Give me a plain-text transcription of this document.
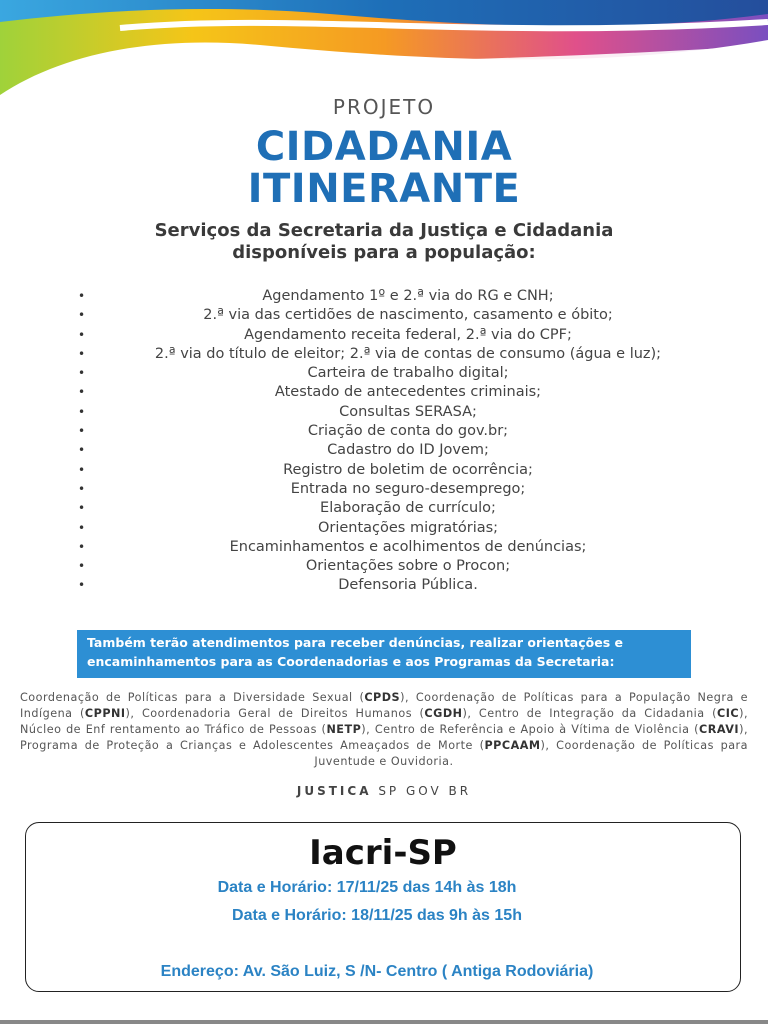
PROJETO
CIDADANIA
ITINERANTE
Serviços da Secretaria da Justiça e Cidadania
disponíveis para a população:
•	Agendamento 1º e 2.ª via do RG e CNH;
•	2.ª via das certidões de nascimento, casamento e óbito;
•	Agendamento receita federal, 2.ª via do CPF;
•	2.ª via do título de eleitor; 2.ª via de contas de consumo (água e luz);
•	Carteira de trabalho digital;
•	Atestado de antecedentes criminais;
•	Consultas SERASA;
•	Criação de conta do gov.br;
•	Cadastro do ID Jovem;
•	Registro de boletim de ocorrência;
•	Entrada no seguro-desemprego;
•	Elaboração de currículo;
•	Orientações migratórias;
•	Encaminhamentos e acolhimentos de denúncias;
•	Orientações sobre o Procon;
•	Defensoria Pública.
Também terão atendimentos para receber denúncias, realizar orientações e
encaminhamentos para as Coordenadorias e aos Programas da Secretaria:
Coordenação de Políticas para a Diversidade Sexual (CPDS), Coordenação de Políticas para a População Negra e Indígena (CPPNI), Coordenadoria Geral de Direitos Humanos (CGDH), Centro de Integração da Cidadania (CIC), Núcleo de Enf rentamento ao Tráfico de Pessoas (NETP), Centro de Referência e Apoio à Vítima de Violência (CRAVI), Programa de Proteção a Crianças e Adolescentes Ameaçados de Morte (PPCAAM), Coordenação de Políticas para Juventude e Ouvidoria.
JUSTICA SP GOV BR
Iacri-SP
Data e Horário: 17/11/25 das 14h às 18h
Data e Horário: 18/11/25 das 9h às 15h
Endereço: Av. São Luiz, S /N- Centro ( Antiga Rodoviária)
